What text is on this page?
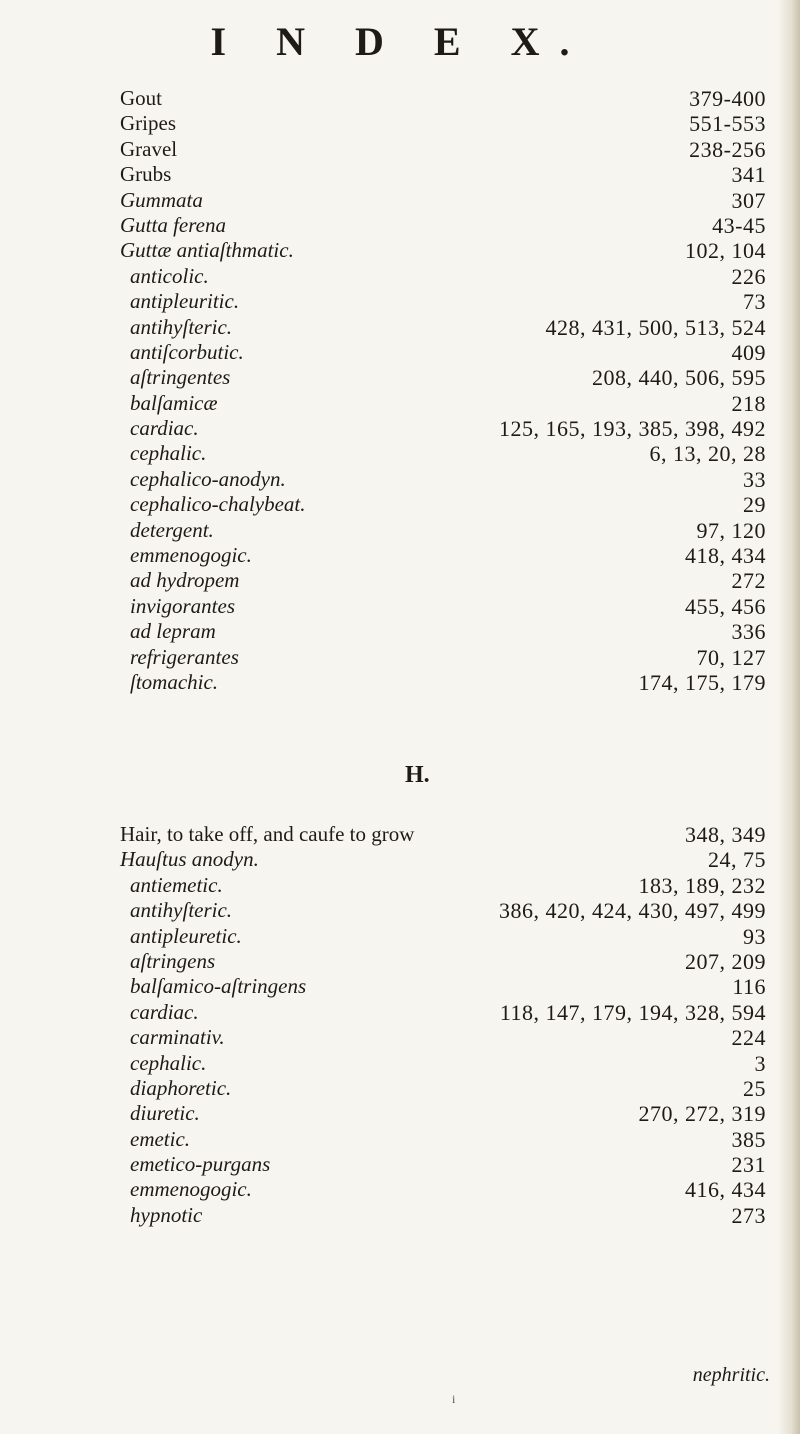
I N D E X.
Gout	379-400
Gripes	551-553
Gravel	238-256
Grubs	341
Gummata	307
Gutta ferena	43-45
Guttæ antiaſthmatic.	102, 104
anticolic.	226
antipleuritic.	73
antihyſteric.	428, 431, 500, 513, 524
antiſcorbutic.	409
aſtringentes	208, 440, 506, 595
balſamicæ	218
cardiac.	125, 165, 193, 385, 398, 492
cephalic.	6, 13, 20, 28
cephalico-anodyn.	33
cephalico-chalybeat.	29
detergent.	97, 120
emmenogogic.	418, 434
ad hydropem	272
invigorantes	455, 456
ad lepram	336
refrigerantes	70, 127
ſtomachic.	174, 175, 179
H.
Hair, to take off, and caufe to grow	348, 349
Hauſtus anodyn.	24, 75
antiemetic.	183, 189, 232
antihyſteric.	386, 420, 424, 430, 497, 499
antipleuretic.	93
aſtringens	207, 209
balſamico-aſtringens	116
cardiac.	118, 147, 179, 194, 328, 594
carminativ.	224
cephalic.	3
diaphoretic.	25
diuretic.	270, 272, 319
emetic.	385
emetico-purgans	231
emmenogogic.	416, 434
hypnotic	273
nephritic.
i
